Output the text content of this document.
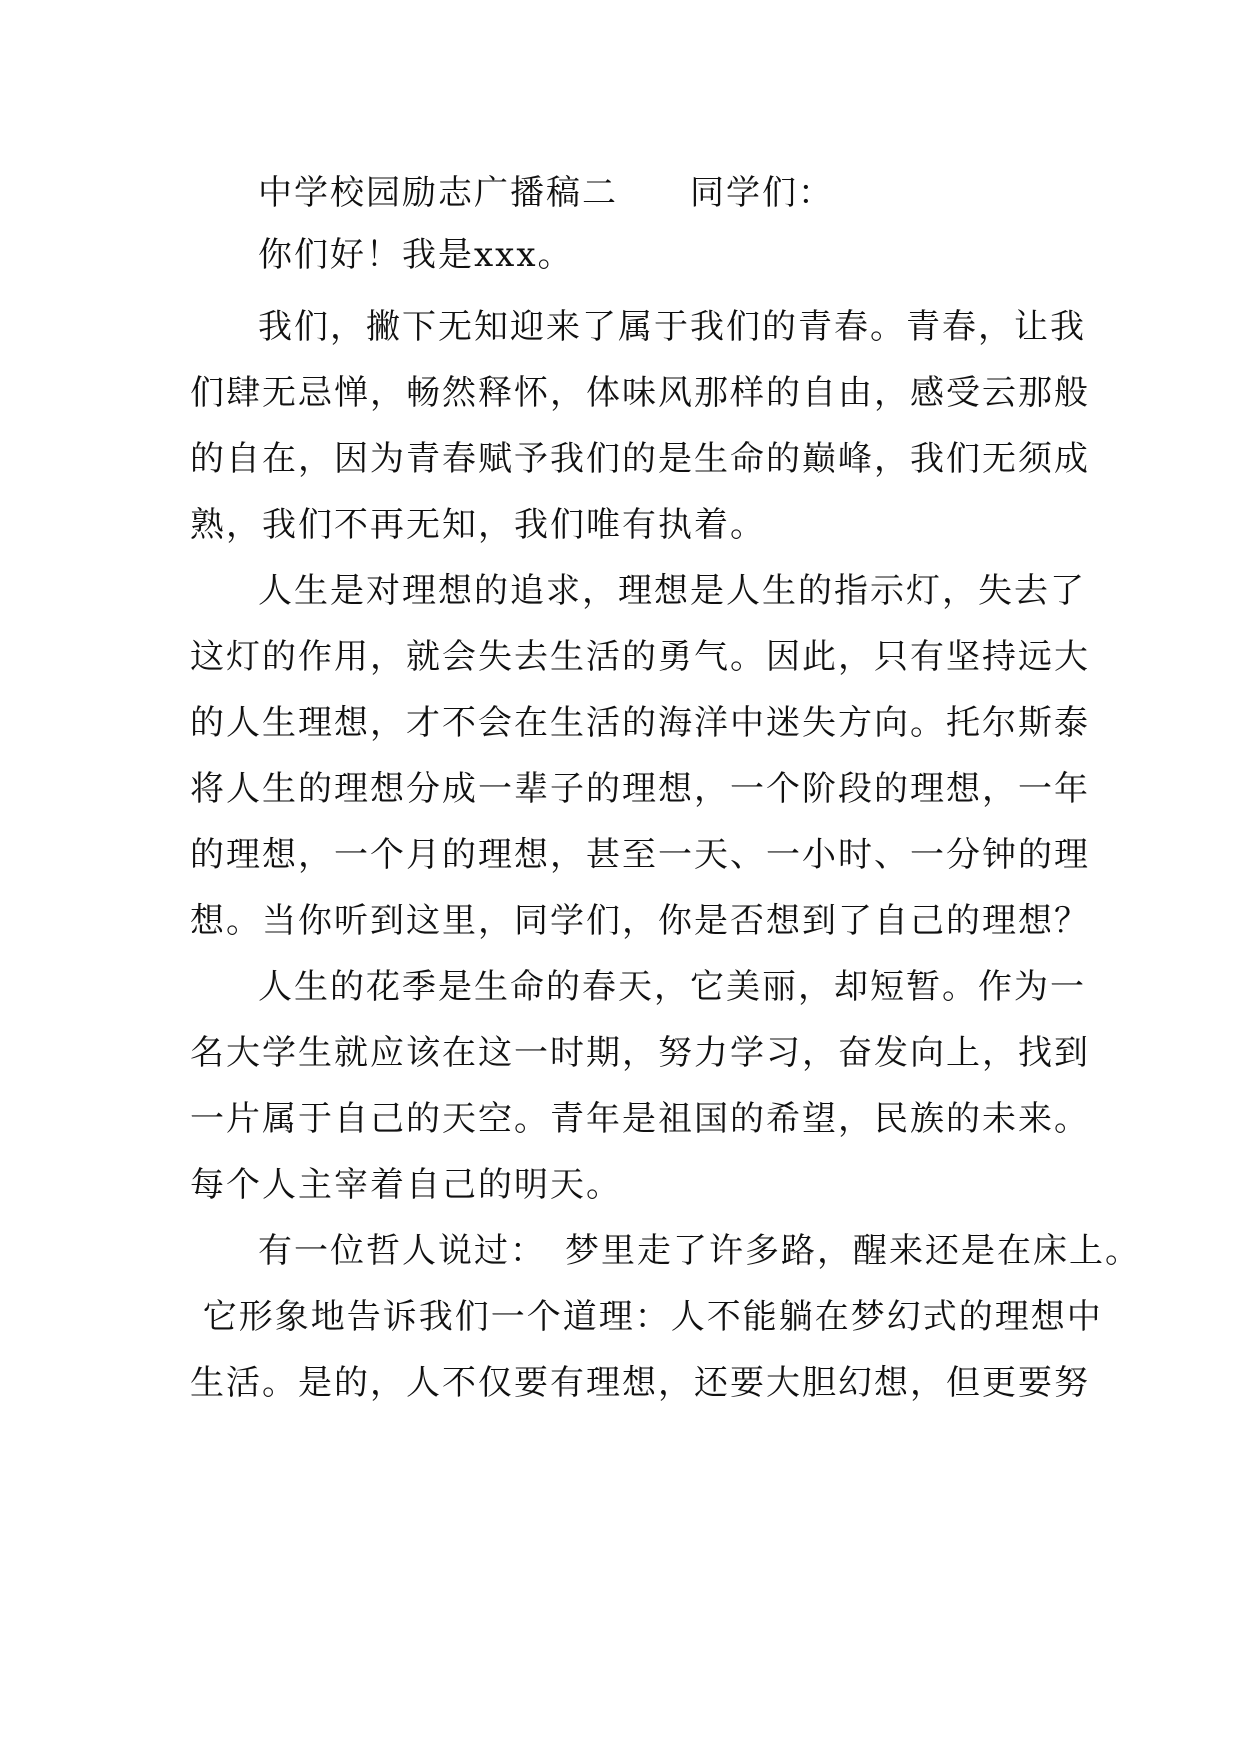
中学校园励志广播稿二 同学们：
你们好！我是xxx。
我们，撇下无知迎来了属于我们的青春。青春，让我
们肆无忌惮，畅然释怀，体味风那样的自由，感受云那般
的自在，因为青春赋予我们的是生命的巅峰，我们无须成
熟，我们不再无知，我们唯有执着。
人生是对理想的追求，理想是人生的指示灯，失去了
这灯的作用，就会失去生活的勇气。因此，只有坚持远大
的人生理想，才不会在生活的海洋中迷失方向。托尔斯泰
将人生的理想分成一辈子的理想，一个阶段的理想，一年
的理想，一个月的理想，甚至一天、一小时、一分钟的理
想。当你听到这里，同学们，你是否想到了自己的理想？
人生的花季是生命的春天，它美丽，却短暂。作为一
名大学生就应该在这一时期，努力学习，奋发向上，找到
一片属于自己的天空。青年是祖国的希望，民族的未来。
每个人主宰着自己的明天。
有一位哲人说过：　梦里走了许多路，醒来还是在床上。
它形象地告诉我们一个道理：人不能躺在梦幻式的理想中
生活。是的，人不仅要有理想，还要大胆幻想，但更要努
